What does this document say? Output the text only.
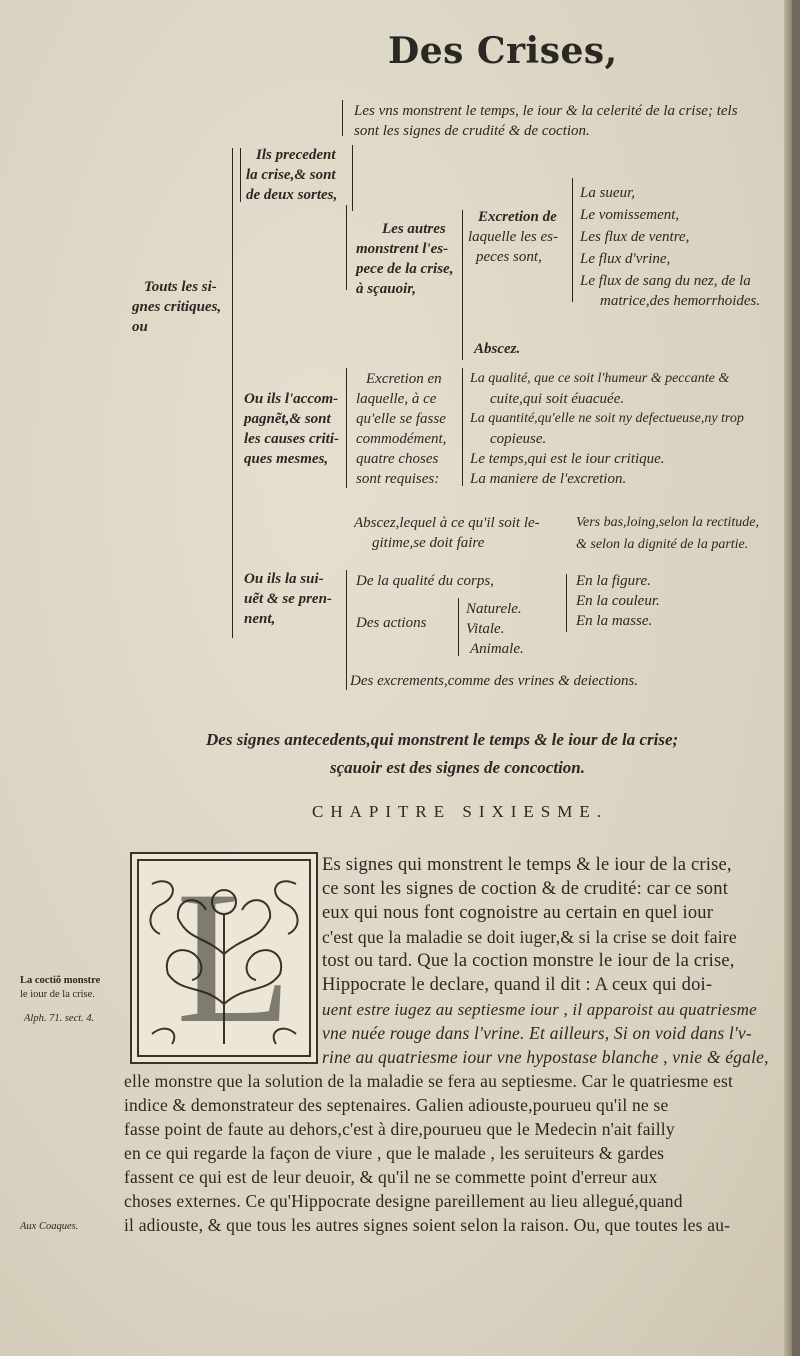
Des Crises,
Les vns monstrent le temps, le iour & la celerité de la crise; tels
sont les signes de crudité & de coction.
Ils precedent
la crise,& sont
de deux sortes,
Les autres
monstrent l'es-
pece de la crise,
à sçauoir,
Excretion de
laquelle les es-
peces sont,
La sueur,
Le vomissement,
Les flux de ventre,
Le flux d'vrine,
Le flux de sang du nez, de la
matrice,des hemorrhoides.
Abscez.
Touts les si-
gnes critiques,
ou
Ou ils l'accom-
pagnẽt,& sont
les causes criti-
ques mesmes,
Excretion en
laquelle, à ce
qu'elle se fasse
commodément,
quatre choses
sont requises:
La qualité, que ce soit l'humeur & peccante &
cuite,qui soit éuacuée.
La quantité,qu'elle ne soit ny defectueuse,ny trop
copieuse.
Le temps,qui est le iour critique.
La maniere de l'excretion.
Abscez,lequel à ce qu'il soit le-
gitime,se doit faire
Vers bas,loing,selon la rectitude,
& selon la dignité de la partie.
Ou ils la sui-
uẽt & se pren-
nent,
De la qualité du corps,	En la figure.
En la couleur.
En la masse.
Des actions
Naturele.
Vitale.
Animale.
Des excrements,comme des vrines & deiections.
Des signes antecedents,qui monstrent le temps & le iour de la crise;
sçauoir est des signes de concoction.
CHAPITRE SIXIESME.
L Es signes qui monstrent le temps & le iour de la crise,
ce sont les signes de coction & de crudité: car ce sont
eux qui nous font cognoistre au certain en quel iour
c'est que la maladie se doit iuger,& si la crise se doit faire
tost ou tard. Que la coction monstre le iour de la crise,
Hippocrate le declare, quand il dit : A ceux qui doi-
uent estre iugez au septiesme iour , il apparoist au quatriesme
vne nuée rouge dans l'vrine. Et ailleurs, Si on void dans l'v-
rine au quatriesme iour vne hypostase blanche , vnie & égale,
elle monstre que la solution de la maladie se fera au septiesme. Car le quatriesme est
indice & demonstrateur des septenaires. Galien adiouste,pourueu qu'il ne se
fasse point de faute au dehors,c'est à dire,pourueu que le Medecin n'ait failly
en ce qui regarde la façon de viure , que le malade , les seruiteurs & gardes
fassent ce qui est de leur deuoir, & qu'il ne se commette point d'erreur aux
choses externes. Ce qu'Hippocrate designe pareillement au lieu allegué,quand
il adiouste, & que tous les autres signes soient selon la raison. Ou, que toutes les au-
La coctiõ monstre
le iour de la crise.
Alph. 71. sect. 4.
Aux Coaques.
